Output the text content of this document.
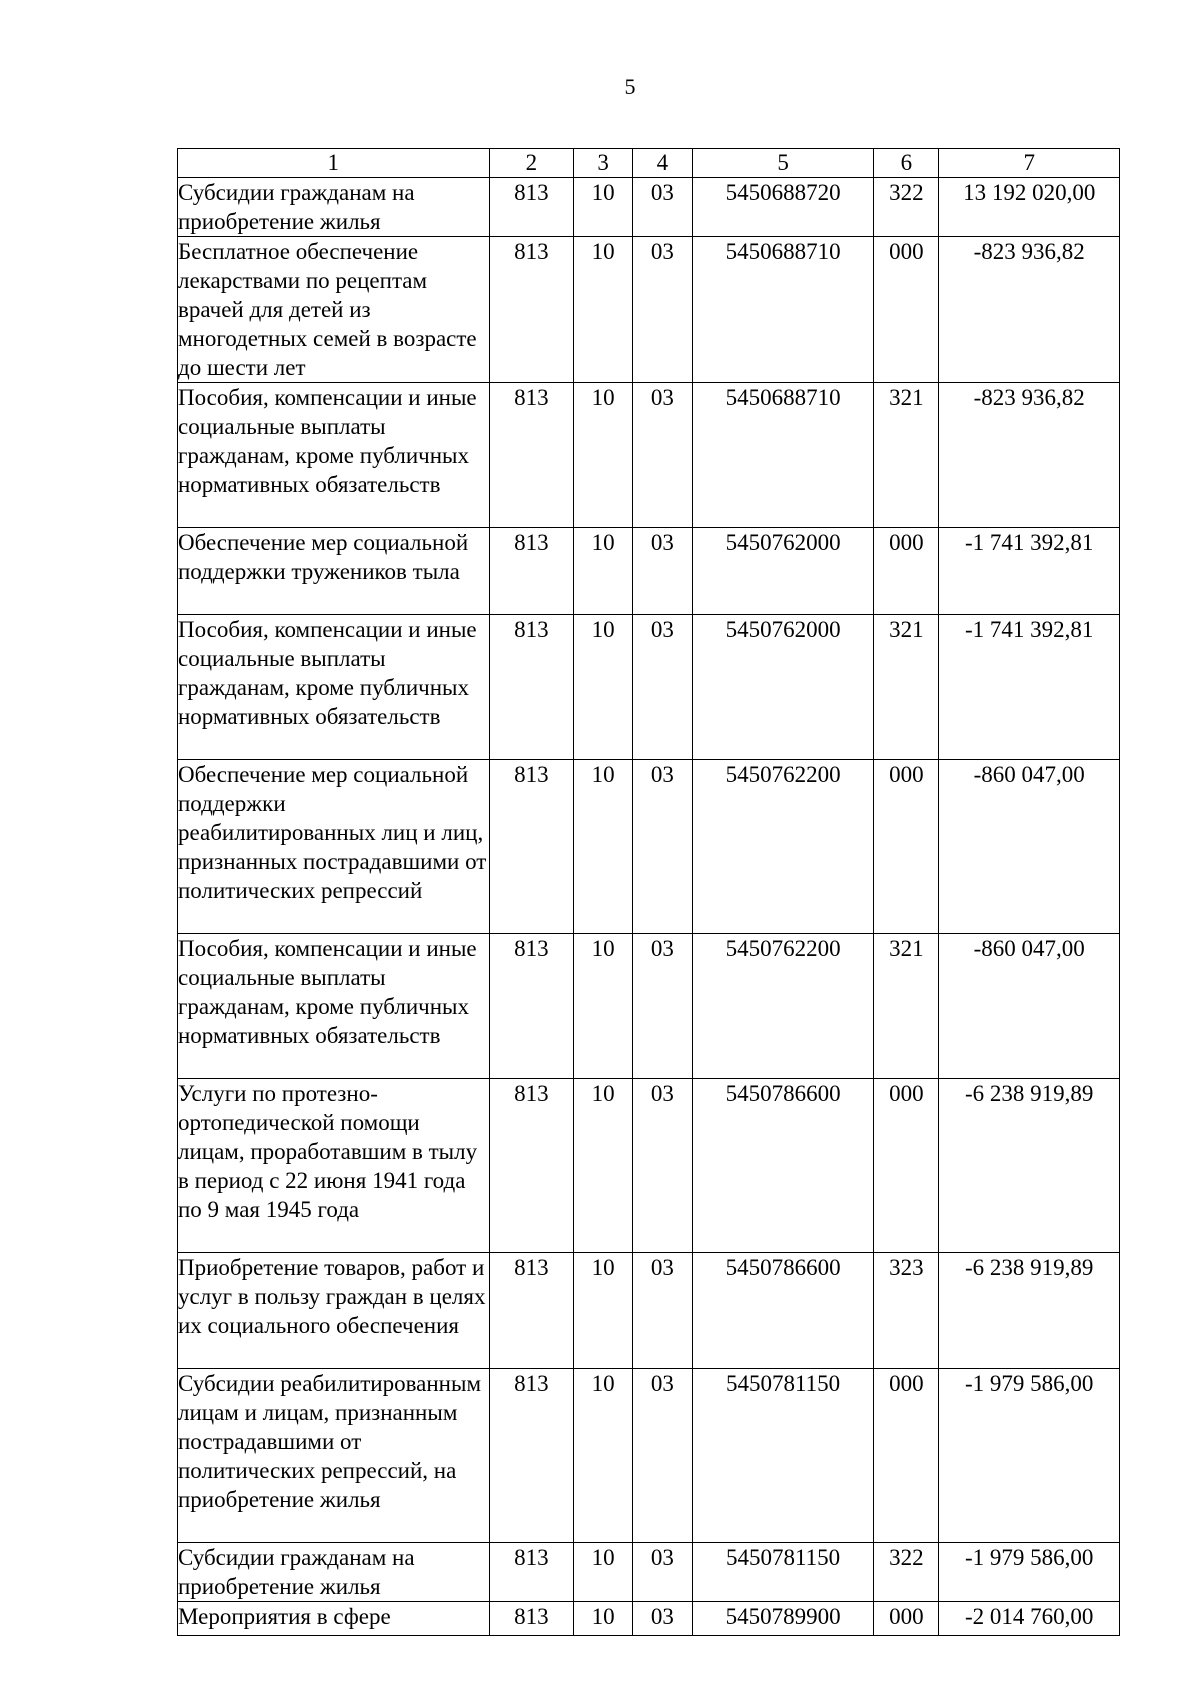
5
1	2	3	4	5	6	7
Субсидии гражданам на приобретение жилья	813	10	03	5450688720	322	13 192 020,00
Бесплатное обеспечение лекарствами по рецептам врачей для детей из многодетных семей в возрасте до шести лет	813	10	03	5450688710	000	-823 936,82
Пособия, компенсации и иные социальные выплаты гражданам, кроме публичных нормативных обязательств	813	10	03	5450688710	321	-823 936,82
Обеспечение мер социальной поддержки тружеников тыла	813	10	03	5450762000	000	-1 741 392,81
Пособия, компенсации и иные социальные выплаты гражданам, кроме публичных нормативных обязательств	813	10	03	5450762000	321	-1 741 392,81
Обеспечение мер социальной поддержки реабилитированных лиц и лиц, признанных пострадавшими от политических репрессий	813	10	03	5450762200	000	-860 047,00
Пособия, компенсации и иные социальные выплаты гражданам, кроме публичных нормативных обязательств	813	10	03	5450762200	321	-860 047,00
Услуги по протезно-ортопедической помощи лицам, проработавшим в тылу в период с 22 июня 1941 года по 9 мая 1945 года	813	10	03	5450786600	000	-6 238 919,89
Приобретение товаров, работ и услуг в пользу граждан в целях их социального обеспечения	813	10	03	5450786600	323	-6 238 919,89
Субсидии реабилитированным лицам и лицам, признанным пострадавшими от политических репрессий, на приобретение жилья	813	10	03	5450781150	000	-1 979 586,00
Субсидии гражданам на приобретение жилья	813	10	03	5450781150	322	-1 979 586,00
Мероприятия в сфере	813	10	03	5450789900	000	-2 014 760,00
